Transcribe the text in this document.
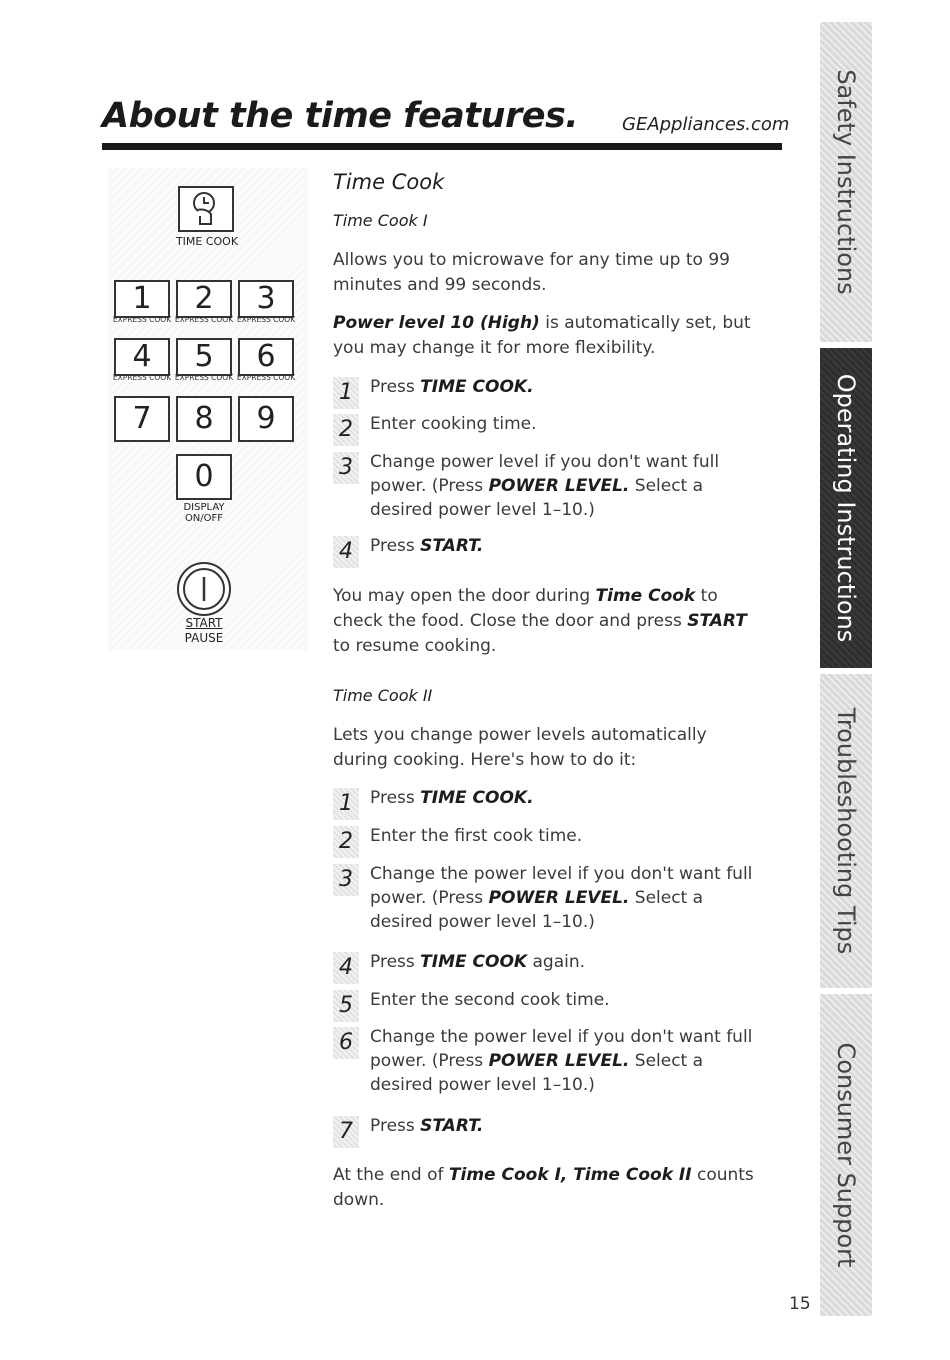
About the time features. GEAppliances.com Safety Instructions
Operating Instructions
Troubleshooting Tips
Consumer Support
TIME COOK
1	2	3
EXPRESS COOK EXPRESS COOK EXPRESS COOK
4	5	6
EXPRESS COOK EXPRESS COOK EXPRESS COOK
7	8	9
0
DISPLAY ON/OFF
START
PAUSE
Time Cook
Time Cook I
Allows you to microwave for any time up to 99 minutes and 99 seconds.
Power level 10 (High) is automatically set, but you may change it for more flexibility.
1	Press TIME COOK.
2	Enter cooking time.
3	Change power level if you don't want full power. (Press POWER LEVEL. Select a desired power level 1–10.)
4	Press START.
You may open the door during Time Cook to check the food. Close the door and press START to resume cooking.
Time Cook II
Lets you change power levels automatically during cooking. Here's how to do it:
1	Press TIME COOK.
2	Enter the first cook time.
3	Change the power level if you don't want full power. (Press POWER LEVEL. Select a desired power level 1–10.)
4	Press TIME COOK again.
5	Enter the second cook time.
6	Change the power level if you don't want full power. (Press POWER LEVEL. Select a desired power level 1–10.)
7	Press START.
At the end of Time Cook I, Time Cook II counts down.
15
